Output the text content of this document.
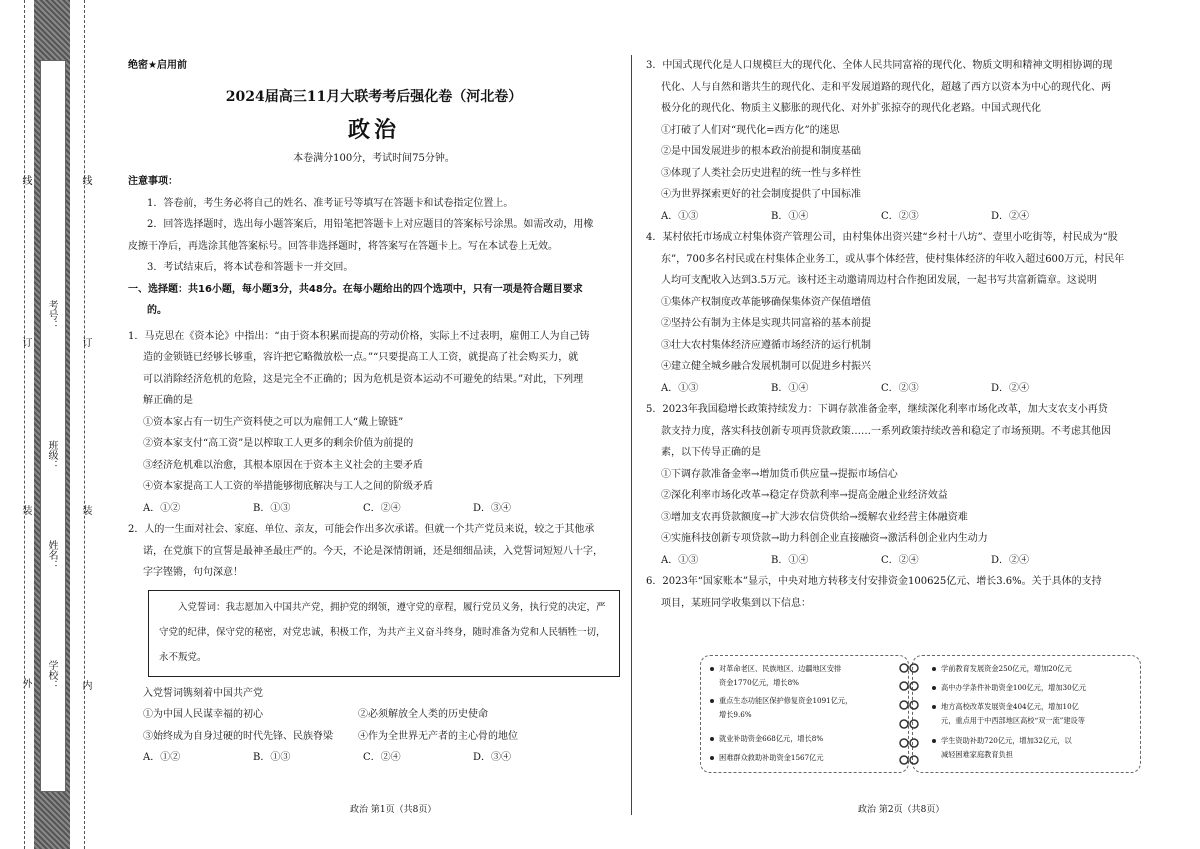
外
装
订
线
内
装
订
线
学校：
姓名：
班级：
考号：

绝密★启用前

2024届高三11月大联考考后强化卷（河北卷）

政治

本卷满分100分，考试时间75分钟。

注意事项：

1．答卷前，考生务必将自己的姓名、准考证号等填写在答题卡和试卷指定位置上。

2．回答选择题时，选出每小题答案后，用铅笔把答题卡上对应题目的答案标号涂黑。如需改动，用橡

皮擦干净后，再选涂其他答案标号。回答非选择题时，将答案写在答题卡上。写在本试卷上无效。

3．考试结束后，将本试卷和答题卡一并交回。

一、选择题：共16小题，每小题3分，共48分。在每小题给出的四个选项中，只有一项是符合题目要求

的。

1．马克思在《资本论》中指出：“由于资本积累而提高的劳动价格，实际上不过表明，雇佣工人为自己铸

造的金锁链已经够长够重，容许把它略微放松一点。”“只要提高工人工资，就提高了社会购买力，就

可以消除经济危机的危险，这是完全不正确的；因为危机是资本运动不可避免的结果。”对此，下列理

解正确的是

①资本家占有一切生产资料使之可以为雇佣工人“戴上镣链”

②资本家支付“高工资”是以榨取工人更多的剩余价值为前提的

③经济危机难以治愈，其根本原因在于资本主义社会的主要矛盾

④资本家提高工人工资的举措能够彻底解决与工人之间的阶级矛盾

A．①②	B．①③	C．②④	D．③④

2．人的一生面对社会、家庭、单位、亲友，可能会作出多次承诺。但就一个共产党员来说，较之于其他承

诺，在党旗下的宣誓是最神圣最庄严的。今天，不论是深情朗诵，还是细细品读，入党誓词短短八十字，

字字铿锵，句句深意！

入党誓词：我志愿加入中国共产党，拥护党的纲领，遵守党的章程，履行党员义务，执行党的决定，严守党的纪律，保守党的秘密，对党忠诚，积极工作，为共产主义奋斗终身，随时准备为党和人民牺牲一切，永不叛党。

入党誓词镌刻着中国共产党

①为中国人民谋幸福的初心	②必须解放全人类的历史使命
③始终成为自身过硬的时代先锋、民族脊梁	④作为全世界无产者的主心骨的地位
A．①②	B．①③	C．②④	D．③④

3．中国式现代化是人口规模巨大的现代化、全体人民共同富裕的现代化、物质文明和精神文明相协调的现

代化、人与自然和谐共生的现代化、走和平发展道路的现代化，超越了西方以资本为中心的现代化、两

极分化的现代化、物质主义膨胀的现代化、对外扩张掠夺的现代化老路。中国式现代化

①打破了人们对“现代化=西方化”的迷思

②是中国发展进步的根本政治前提和制度基础

③体现了人类社会历史进程的统一性与多样性

④为世界探索更好的社会制度提供了中国标准

A．①③	B．①④	C．②③	D．②④

4．某村依托市场成立村集体资产管理公司，由村集体出资兴建“乡村十八坊”、壹里小吃街等，村民成为“股

东”，700多名村民或在村集体企业务工，或从事个体经营，使村集体经济的年收入超过600万元，村民年

人均可支配收入达到3.5万元。该村还主动邀请周边村合作抱团发展，一起书写共富新篇章。这说明

①集体产权制度改革能够确保集体资产保值增值

②坚持公有制为主体是实现共同富裕的基本前提

③壮大农村集体经济应遵循市场经济的运行机制

④建立健全城乡融合发展机制可以促进乡村振兴

A．①③	B．①④	C．②③	D．②④

5．2023年我国稳增长政策持续发力：下调存款准备金率，继续深化利率市场化改革，加大支农支小再贷

款支持力度，落实科技创新专项再贷款政策……一系列政策持续改善和稳定了市场预期。不考虑其他因

素，以下传导正确的是

①下调存款准备金率→增加货币供应量→提振市场信心

②深化利率市场化改革→稳定存贷款利率→提高金融企业经济效益

③增加支农再贷款额度→扩大涉农信贷供给→缓解农业经营主体融资难

④实施科技创新专项贷款→助力科创企业直接融资→激活科创企业内生动力

A．①③	B．①④	C．②④	D．②④

6．2023年“国家账本”显示，中央对地方转移支付安排资金100625亿元、增长3.6%。关于具体的支持

项目，某班同学收集到以下信息：

对革命老区、民族地区、边疆地区安排
资金1770亿元，增长8%
重点生态功能区保护修复资金1091亿元，
增长9.6%
就业补助资金668亿元，增长8%
困难群众救助补助资金1567亿元
学前教育发展资金250亿元，增加20亿元
高中办学条件补助资金100亿元，增加30亿元
地方高校改革发展资金404亿元，增加10亿
元，重点用于中西部地区高校“双一流”建设等
学生资助补助720亿元，增加32亿元，以
减轻困难家庭教育负担
政治 第1页（共8页）	政治 第2页（共8页）
